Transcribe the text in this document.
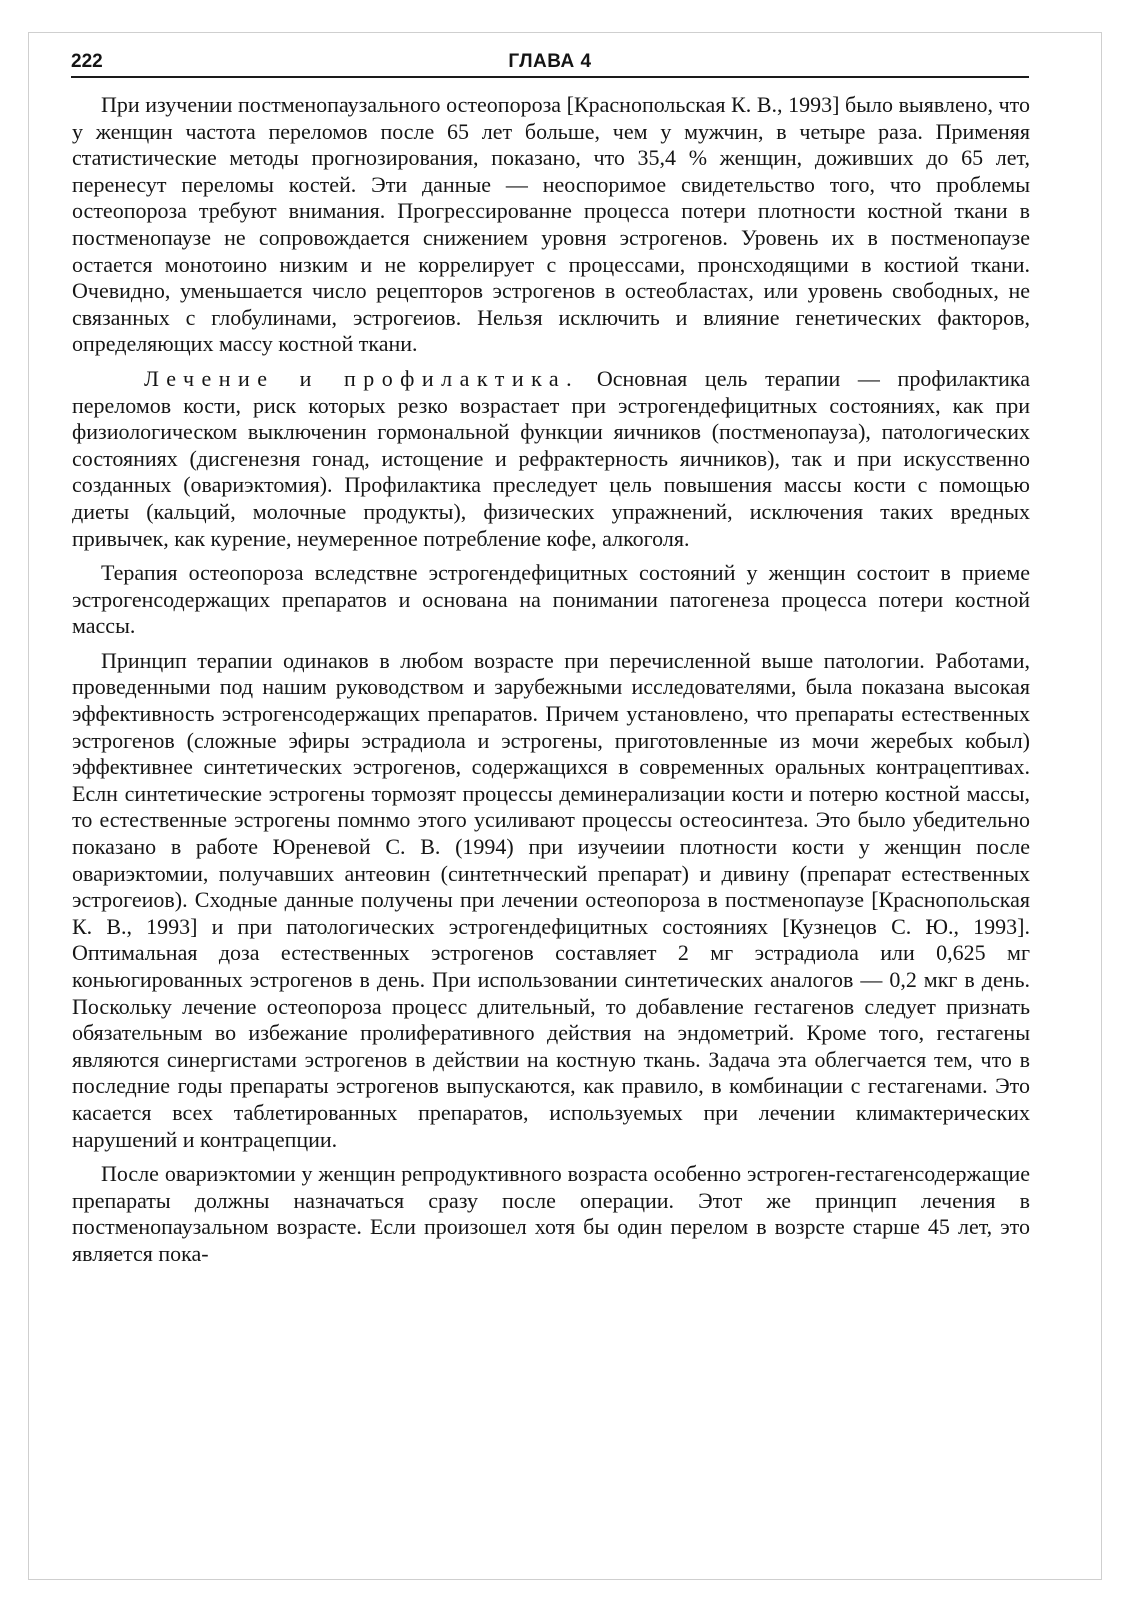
222	ГЛАВА 4

При изучении постменопаузального остеопороза [Краснопольская К. В., 1993] было выявлено, что у женщин частота переломов после 65 лет больше, чем у мужчин, в четыре раза. Применяя статистические методы прогнозирования, показано, что 35,4 % женщин, доживших до 65 лет, перенесут переломы костей. Эти данные — неоспоримое свидетельство того, что проблемы остеопороза требуют внимания. Прогрессированне процесса потери плотности костной ткани в постменопаузе не сопровождается снижением уровня эстрогенов. Уровень их в постменопаузе остается монотоино низким и не коррелирует с процессами, пронсходящими в костиой ткани. Очевидно, уменьшается число рецепторов эстрогенов в остеобластах, или уровень свободных, не связанных с глобулинами, эстрогеиов. Нельзя исключить и влияние генетических факторов, определяющих массу костной ткани.

Лечение и профилактика. Основная цель терапии — профилактика переломов кости, риск которых резко возрастает при эстрогендефицитных состояниях, как при физиологическом выключенин гормональной функции яичников (постменопауза), патологических состояниях (дисгенезня гонад, истощение и рефрактерность яичников), так и при искусственно созданных (овариэктомия). Профилактика преследует цель повышения массы кости с помощью диеты (кальций, молочные продукты), физических упражнений, исключения таких вредных привычек, как курение, неумеренное потребление кофе, алкоголя.

Терапия остеопороза вследствне эстрогендефицитных состояний у женщин состоит в приеме эстрогенсодержащих препаратов и основана на понимании патогенеза процесса потери костной массы.

Принцип терапии одинаков в любом возрасте при перечисленной выше патологии. Работами, проведенными под нашим руководством и зарубежными исследователями, была показана высокая эффективность эстрогенсодержащих препаратов. Причем установлено, что препараты естественных эстрогенов (сложные эфиры эстрадиола и эстрогены, приготовленные из мочи жеребых кобыл) эффективнее синтетических эстрогенов, содержащихся в современных оральных контрацептивах. Еслн синтетические эстрогены тормозят процессы деминерализации кости и потерю костной массы, то естественные эстрогены помнмо этого усиливают процессы остеосинтеза. Это было убедительно показано в работе Юреневой С. В. (1994) при изучеиии плотности кости у женщин после овариэктомии, получавших антеовин (синтетнческий препарат) и дивину (препарат естественных эстрогеиов). Сходные данные получены при лечении остеопороза в постменопаузе [Краснопольская К. В., 1993] и при патологических эстрогендефицитных состояниях [Кузнецов С. Ю., 1993]. Оптимальная доза естественных эстрогенов составляет 2 мг эстрадиола или 0,625 мг коньюгированных эстрогенов в день. При использовании синтетических аналогов — 0,2 мкг в день. Поскольку лечение остеопороза процесс длительный, то добавление гестагенов следует признать обязательным во избежание пролиферативного действия на эндометрий. Кроме того, гестагены являются синергистами эстрогенов в действии на костную ткань. Задача эта облегчается тем, что в последние годы препараты эстрогенов выпускаются, как правило, в комбинации с гестагенами. Это касается всех таблетированных препаратов, используемых при лечении климактерических нарушений и контрацепции.

После овариэктомии у женщин репродуктивного возраста особенно эстроген-гестагенсодержащие препараты должны назначаться сразу после операции. Этот же принцип лечения в постменопаузальном возрасте. Если произошел хотя бы один перелом в возрсте старше 45 лет, это является пока-
